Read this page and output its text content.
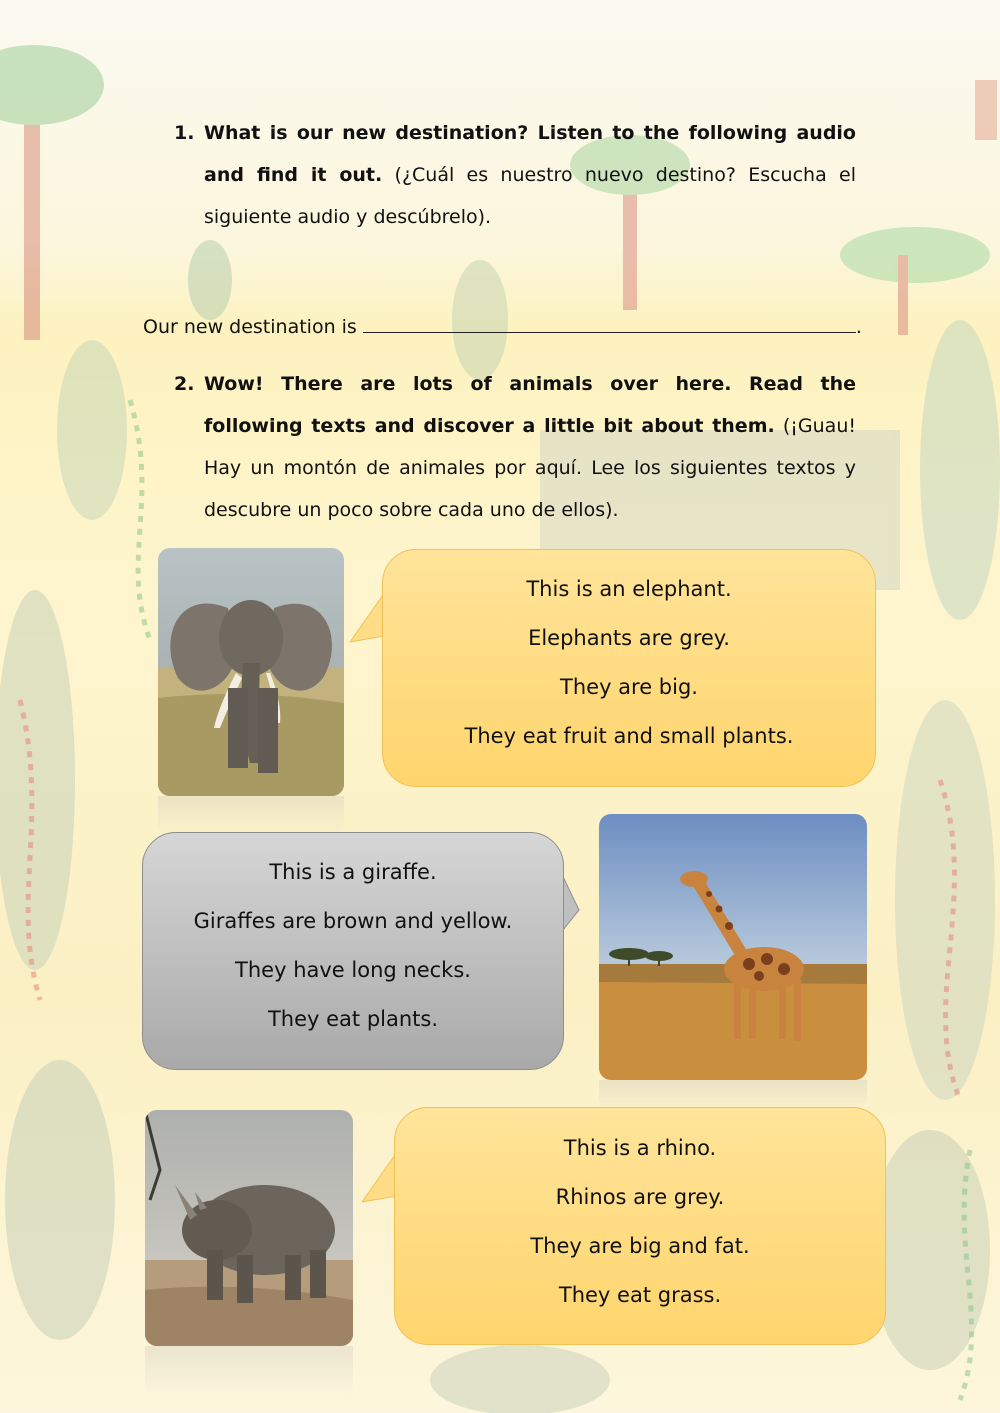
1. What is our new destination? Listen to the following audio and find it out. (¿Cuál es nuestro nuevo destino? Escucha el siguiente audio y descúbrelo).
Our new destination is	.
2. Wow! There are lots of animals over here. Read the following texts and discover a little bit about them. (¡Guau! Hay un montón de animales por aquí. Lee los siguientes textos y descubre un poco sobre cada uno de ellos).
This is an elephant.
Elephants are grey.
They are big.
They eat fruit and small plants.
This is a giraffe.
Giraffes are brown and yellow.
They have long necks.
They eat plants.
This is a rhino.
Rhinos are grey.
They are big and fat.
They eat grass.
